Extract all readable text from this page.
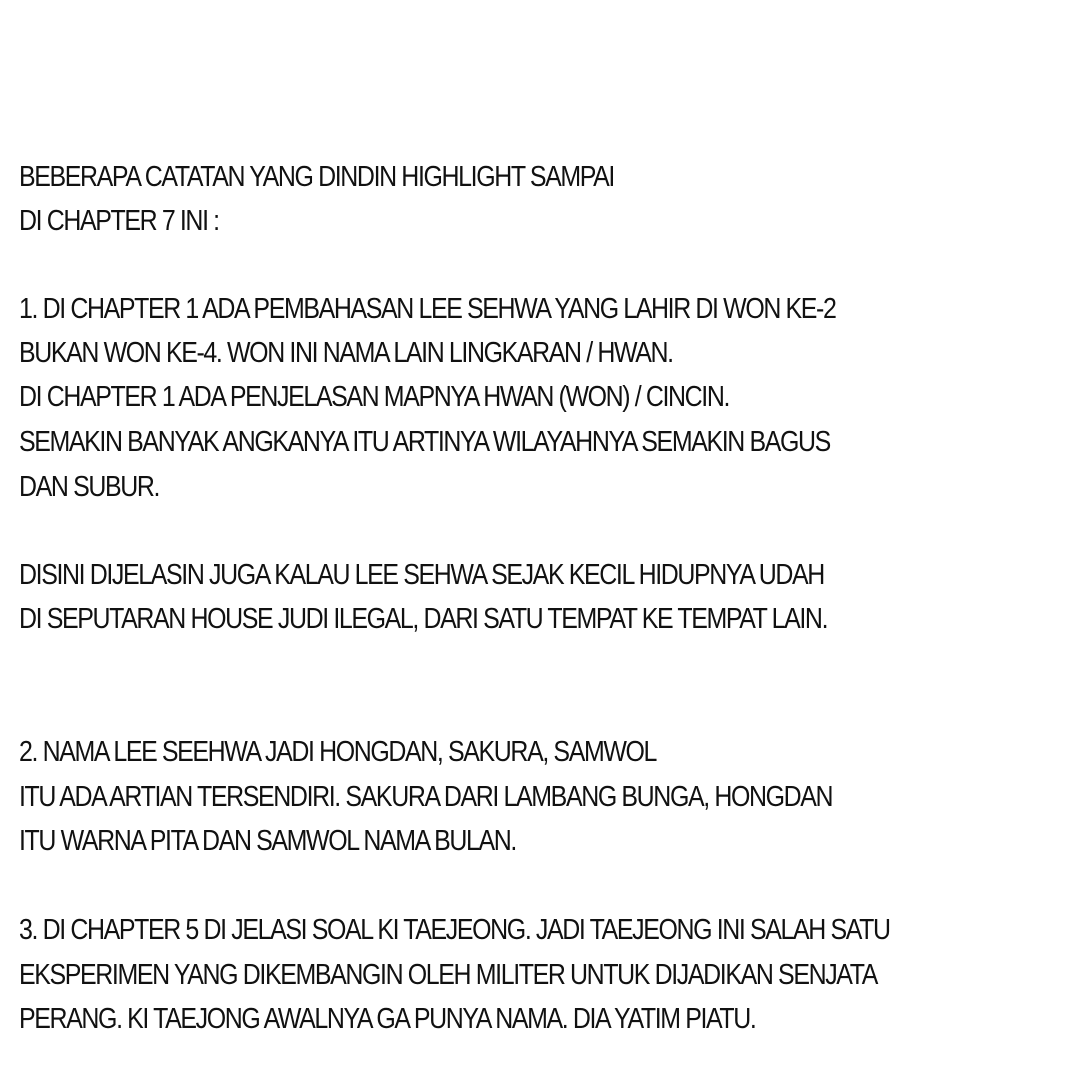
BEBERAPA CATATAN YANG DINDIN HIGHLIGHT SAMPAI

DI CHAPTER 7 INI :

1. DI CHAPTER 1 ADA PEMBAHASAN LEE SEHWA YANG LAHIR DI WON KE-2

BUKAN WON KE-4. WON INI NAMA LAIN LINGKARAN / HWAN.

DI CHAPTER 1 ADA PENJELASAN MAPNYA HWAN (WON) / CINCIN.

SEMAKIN BANYAK ANGKANYA ITU ARTINYA WILAYAHNYA SEMAKIN BAGUS

DAN SUBUR.

DISINI DIJELASIN JUGA KALAU LEE SEHWA SEJAK KECIL HIDUPNYA UDAH

DI SEPUTARAN HOUSE JUDI ILEGAL, DARI SATU TEMPAT KE TEMPAT LAIN.

2. NAMA LEE SEEHWA JADI HONGDAN, SAKURA, SAMWOL

ITU ADA ARTIAN TERSENDIRI. SAKURA DARI LAMBANG BUNGA, HONGDAN

ITU WARNA PITA DAN SAMWOL NAMA BULAN.

3. DI CHAPTER 5 DI JELASI SOAL KI TAEJEONG. JADI TAEJEONG INI SALAH SATU

EKSPERIMEN YANG DIKEMBANGIN OLEH MILITER UNTUK DIJADIKAN SENJATA

PERANG. KI TAEJONG AWALNYA GA PUNYA NAMA. DIA YATIM PIATU.
